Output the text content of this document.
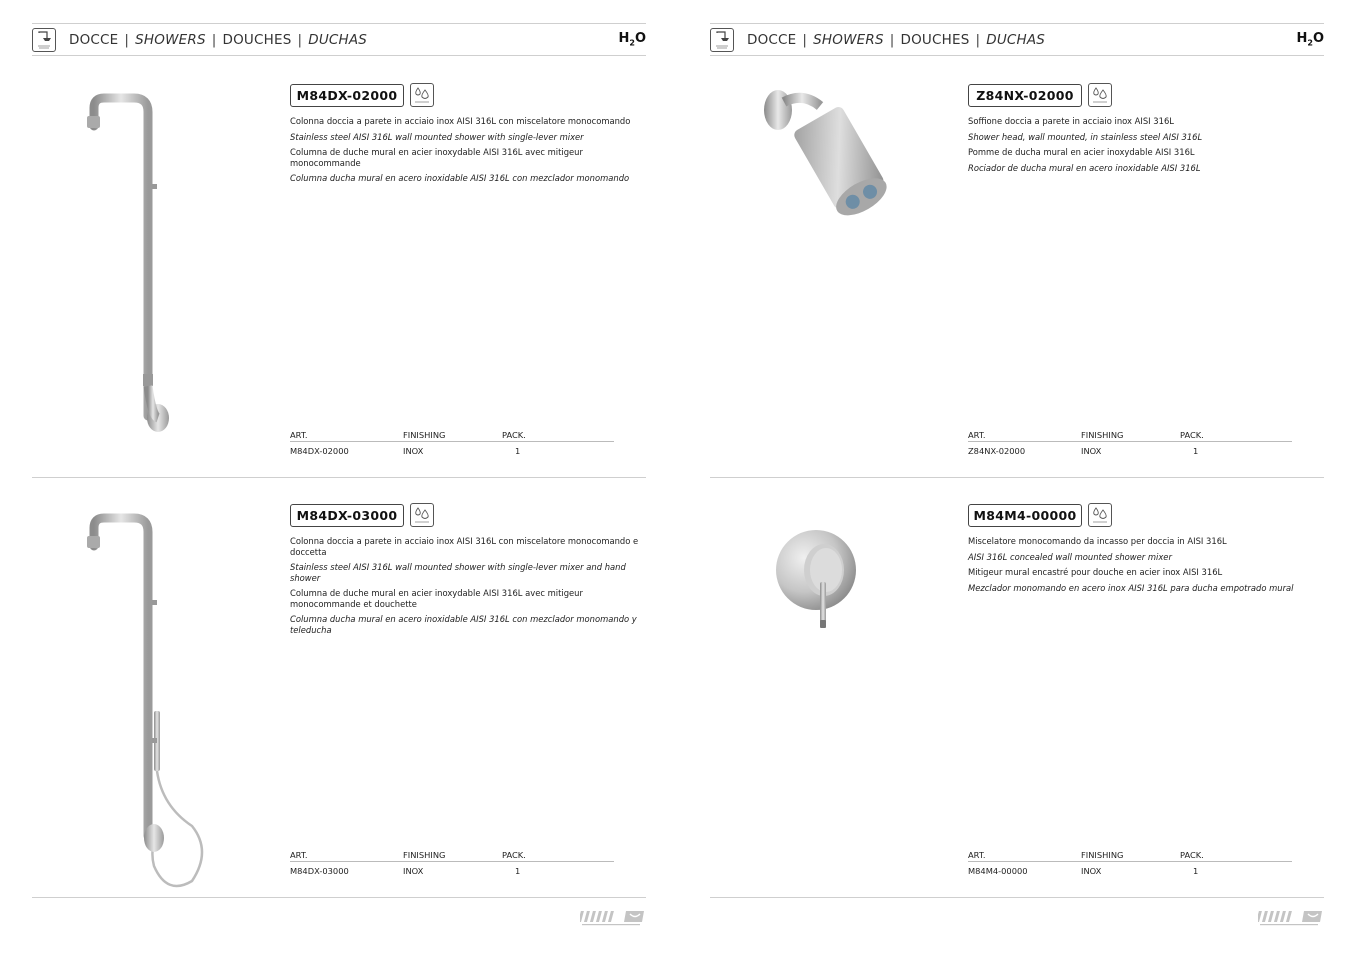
DOCCE | SHOWERS | DOUCHES | DUCHAS	$H_2O$
M84DX-02000

Colonna doccia a parete in acciaio inox AISI 316L con miscelatore monocomando

Stainless steel AISI 316L wall mounted shower with single-lever mixer

Columna de duche mural en acier inoxydable AISI 316L avec mitigeur monocommande

Columna ducha mural en acero inoxidable AISI 316L con mezclador monomando

ART.	FINISHING	PACK.
M84DX-02000	INOX	1
M84DX-03000

Colonna doccia a parete in acciaio inox AISI 316L con miscelatore monocomando e doccetta

Stainless steel AISI 316L wall mounted shower with single-lever mixer and hand shower

Columna de duche mural en acier inoxydable AISI 316L avec mitigeur monocommande et douchette

Columna ducha mural en acero inoxidable AISI 316L con mezclador monomando y teleducha

ART.	FINISHING	PACK.
M84DX-03000	INOX	1
DOCCE | SHOWERS | DOUCHES | DUCHAS	$H_2O$
Z84NX-02000

Soffione doccia a parete in acciaio inox AISI 316L

Shower head, wall mounted, in stainless steel AISI 316L

Pomme de ducha mural en acier inoxydable AISI 316L

Rociador de ducha mural en acero inoxidable AISI 316L

ART.	FINISHING	PACK.
Z84NX-02000	INOX	1
M84M4-00000

Miscelatore monocomando da incasso per doccia in AISI 316L

AISI 316L concealed wall mounted shower mixer

Mitigeur mural encastré pour douche en acier inox AISI 316L

Mezclador monomando en acero inox AISI 316L para ducha empotrado mural

ART.	FINISHING	PACK.
M84M4-00000	INOX	1
